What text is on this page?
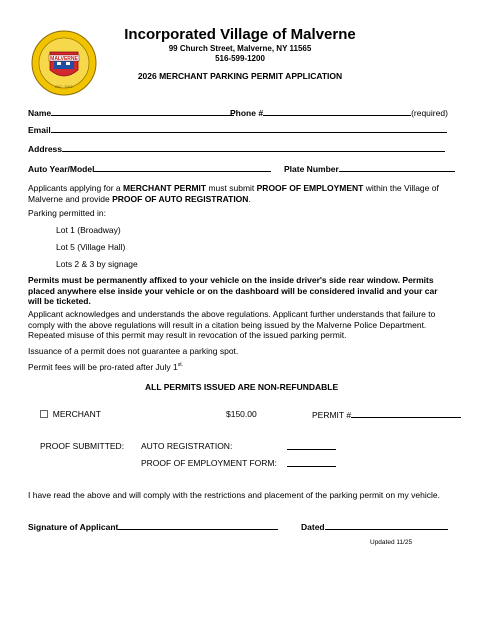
MALVERNE
INC. 1921
Incorporated Village of Malverne
99 Church Street, Malverne, NY 11565
516-599-1200
2026 MERCHANT PARKING PERMIT APPLICATION
Name	Phone #	(required)
Email
Address
Auto Year/Model	Plate Number
Applicants applying for a MERCHANT PERMIT must submit PROOF OF EMPLOYMENT within the Village of Malverne and provide PROOF OF AUTO REGISTRATION.
Parking permitted in:
Lot 1 (Broadway)
Lot 5 (Village Hall)
Lots 2 & 3 by signage
Permits must be permanently affixed to your vehicle on the inside driver's side rear window. Permits placed anywhere else inside your vehicle or on the dashboard will be considered invalid and your car will be ticketed.
Applicant acknowledges and understands the above regulations. Applicant further understands that failure to comply with the above regulations will result in a citation being issued by the Malverne Police Department. Repeated misuse of this permit may result in revocation of the issued parking permit.
Issuance of a permit does not guarantee a parking spot.
Permit fees will be pro-rated after July $1^{st.}$
ALL PERMITS ISSUED ARE NON-REFUNDABLE
MERCHANT	$150.00	PERMIT #
PROOF SUBMITTED: AUTO REGISTRATION:
PROOF OF EMPLOYMENT FORM:
I have read the above and will comply with the restrictions and placement of the parking permit on my vehicle.
Signature of Applicant	Dated
Updated 11/25
